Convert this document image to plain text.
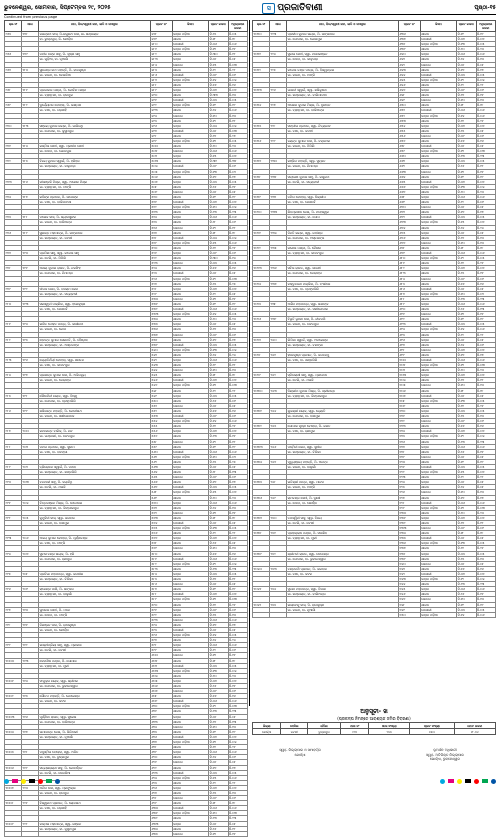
ଭୁବନେଶ୍ୱର, ସୋମବାର, ସିପ୍ଟେମ୍ବର ୨୯, ୨୦୨୫	ସ ପ୍ରଜାତିବାଣୀ	ପୃଷ୍ଠା-୧୫
Continued from previous page
କ୍ର.ସଂ	ଖାତା	ନାମ, ପିତା/ସ୍ୱାମୀ ନାମ, ଜାତି ଓ ବାସସ୍ଥାନ	ପ୍ଲଟ ନଂ	କିସମ	ପ୍ଲଟ ରକବା	ଅଧିଗ୍ରହଣ ରକବା
୯୬୫	୧୭୮	ଜଗନ୍ନାଥ ଦାସ, ପି-ରଘୁନାଥ ଦାସ, ଜା- ଖଣ୍ଡାୟତ	୪୭୮	ଦଣ୍ଡା ପଡ଼ିଆ	0.୨୫	0.୦୫
		ବା- ରୁଦ୍ରପୁର, ଜି- ଖୋର୍ଦ୍ଧା	୪୭୯	ଶାରଦ	0.୧୮	0.୧୮
			୪୮୦	ପୋଖରୀ	0.୦୬	0.୦୬
			୪୮୧	ଦଣ୍ଡା ପଡ଼ିଆ	0.୧୧	0.୧୧
୯୬୬	୧୭୯	ନବୀନ ଚନ୍ଦ୍ର ସାହୁ, ପି- କୃଷ୍ଣ ସାହୁ	୪୮୨	ଶାରଦ	0.୩୦	0.୧୨
		ଜା- ଗୁଡ଼ିଆ, ବା- ନୂଆଗାଁ	୪୮୩	ଦଣ୍ଡା	0.୦୮	0.୦୮
			୪୮୪	ଗୋଚର	0.୧୫	0.୦୩
୯୬୭	୧୮୦	ସୁରେନ୍ଦ୍ର ନାଥ ମହାନ୍ତି, ପି- ବାଳକୃଷ୍ଣ	୪୮୫	ଶାରଦ	0.୨୨	0.୨୨
		ଜା- କରଣ, ବା- ଦେଉଳିଆ	୪୮୬	ପୋଖରୀ	0.୦୯	0.୦୯
			୪୮୭	ଦଣ୍ଡା ପଡ଼ିଆ	0.୧୪	0.୦୪
			୪୮୮	ଶାରଦ	0.୧୬	0.୧୬
୯୬୮	୧୮୧	ପ୍ରଭାକର ପଣ୍ଡା, ପି- ଗୋବିନ୍ଦ ପଣ୍ଡା	୪୮୯	ଦଣ୍ଡା	0.୦୭	0.୦୭
		ଜା- ବ୍ରାହ୍ମଣ, ବା- ରାମପୁର	୪୯୦	ଶାରଦ	0.୩୩	0.୧୦
			୪୯୧	ପୋଖରୀ	0.୦୫	0.୦୫
୯୬୯	୧୮୨	ଦୁର୍ଯ୍ୟୋଧନ ବେହେରା, ପି- ଲକ୍ଷ୍ମଣ	୪୯୨	ଦଣ୍ଡା ପଡ଼ିଆ	0.୧୯	0.୧୯
		ଜା- ଚଷା, ବା- ଗଡ଼ସାହି	୪୯୩	ଶାରଦ	0.୨୪	0.୦୬
			୪୯୪	ଗୋଚର	0.୧୦	0.୧୦
			୪୯୫	ଶାରଦ	0.୧୨	0.୧୨
୯୭୦	୧୮୩	ସଞ୍ଜୟ କୁମାର ନାୟକ, ପି- ଭାଗିରଥି	୪୯୬	ଦଣ୍ଡା	0.୦୪	0.୦୪
		ଜା- ଗୋପାଳ, ବା- କୁସୁମପୁର	୪୯୭	ପୋଖରୀ	0.୦୮	0.୦୩
			୪୯୮	ଶାରଦ	0.୨୭	0.୨୭
			୪୯୯	ଦଣ୍ଡା ପଡ଼ିଆ	0.୧୧	0.୦୫
୯୭୧	୧୮୪	ରଶ୍ମିତା ସେଠୀ, ସ୍ୱା- ପ୍ରଦୀପ ସେଠୀ	୫୦୦	ଶାରଦ	0.୨୦	0.୨୦
		ଜା- ଧୋବା, ବା- ଭୋଗପୁର	୫୦୧	ଗୋଚର	0.୦୬	0.୦୬
			୫୦୨	ଦଣ୍ଡା	0.୧୫	0.୦୭
୯୭୨	୧୮୫	ବିଜୟ କୁମାର ସ୍ୱାଇଁ, ପି- ହରିହର	୫୦୩	ଶାରଦ	0.୩୧	0.୩୧
		ଜା- ଖଣ୍ଡାୟତ, ବା- କାଳୁପଡ଼ା	୫୦୪	ପୋଖରୀ	0.୦୯	0.୦୯
			୫୦୫	ଦଣ୍ଡା ପଡ଼ିଆ	0.୧୩	0.୦୨
			୫୦୬	ଶାରଦ	0.୧୭	0.୧୭
୯୭୩	୧୮୬	ଗୀତାଞ୍ଜଳି ମିଶ୍ର, ସ୍ୱା- ଅଶୋକ ମିଶ୍ର	୫୦୭	ଦଣ୍ଡା	0.୦୫	0.୦୫
		ଜା- ବ୍ରାହ୍ମଣ, ବା- ଟାଙ୍ଗି	୫୦୮	ଶାରଦ	0.୨୬	0.୧୧
			୫୦୯	ଗୋଚର	0.୦୮	0.୦୮
୯୭୪	୧୮୭	ରବିନ୍ଦ୍ର ପ୍ରଧାନ, ପି- ଉପେନ୍ଦ୍ର	୫୧୦	ଶାରଦ	0.୧୯	0.୧୯
		ଜା- ଚଷା, ବା- ବାଲିପାଟଣା	୫୧୧	ପୋଖରୀ	0.୦୭	0.୦୭
			୫୧୨	ଦଣ୍ଡା ପଡ଼ିଆ	0.୧୦	0.୦୪
			୫୧୩	ଶାରଦ	0.୨୩	0.୨୩
୯୭୫	୧୮୮	ମନୋଜ ଦାସ, ପି- ଶ୍ୟାମସୁନ୍ଦର	୫୧୪	ଦଣ୍ଡା	0.୦୬	0.୦୬
		ଜା- କରଣ, ବା- ବାଲିଅନ୍ତା	୫୧୫	ଶାରଦ	0.୨୮	0.୦୯
			୫୧୬	ଗୋଚର	0.୧୨	0.୧୨
୯୭୬	୧୮୯	ସୁଶାନ୍ତ ମହାପାତ୍ର, ପି- ଗଙ୍ଗାଧର	୫୧୭	ଶାରଦ	0.୧୮	0.୧୮
		ଜା- ଖଣ୍ଡାୟତ, ବା- ଜଟଣୀ	୫୧୮	ପୋଖରୀ	0.୦୪	0.୦୪
			୫୧୯	ଦଣ୍ଡା ପଡ଼ିଆ	0.୧୫	0.୦୬
			୫୨୦	ଶାରଦ	0.୨୧	0.୨୧
୯୭୭	୧୯୦	ପ୍ରମିଳା ସାହୁ, ସ୍ୱା- ରମେଶ ସାହୁ	୫୨୧	ଦଣ୍ଡା	0.୦୯	0.୦୯
		ଜା- ତେଲି, ବା- ପିପିଲି	୫୨୨	ଶାରଦ	0.୩୦	0.୧୪
			୫୨୩	ଗୋଚର	0.୦୫	0.୦୫
୯୭୮	୧୯୧	ଅକ୍ଷୟ କୁମାର ରାଉତ, ପି- ନରସିଂହ	୫୨୪	ଶାରଦ	0.୧୬	0.୧୬
		ଜା- ଗୋପାଳ, ବା- ନିମାପଡ଼ା	୫୨୫	ପୋଖରୀ	0.୦୮	0.୦୮
			୫୨୬	ଦଣ୍ଡା ପଡ଼ିଆ	0.୧୨	0.୦୩
			୫୨୭	ଶାରଦ	0.୨୫	0.୨୫
୯୭୯	୧୯୨	ଦୀପକ ଜେନା, ପି- ବଳରାମ ଜେନା	୫୨୮	ଦଣ୍ଡା	0.୦୭	0.୦୭
		ଜା- ଖଣ୍ଡାୟତ, ବା- ସତ୍ୟବାଦୀ	୫୨୯	ଶାରଦ	0.୨୨	0.୦୮
			୫୩୦	ଗୋଚର	0.୧୧	0.୧୧
୯୮୦	୧୯୩	ସରସ୍ୱତୀ ମଲ୍ଲିକ, ସ୍ୱା- ହରେକୃଷ୍ଣ	୫୩୧	ଶାରଦ	0.୧୯	0.୧୯
		ଜା- ଚଷା, ବା- କୋଣାର୍କ	୫୩୨	ପୋଖରୀ	0.୦୬	0.୦୬
			୫୩୩	ଦଣ୍ଡା ପଡ଼ିଆ	0.୧୪	0.୦୫
			୫୩୪	ଶାରଦ	0.୨୦	0.୨୦
୯୮୧	୧୯୪	ଲଳିତ ମୋହନ ପାତ୍ର, ପି- କାଶୀନାଥ	୫୩୫	ଦଣ୍ଡା	0.୦୮	0.୦୮
		ଜା- କରଣ, ବା- ଗୋପ	୫୩୬	ଶାରଦ	0.୨୭	0.୧୦
			୫୩୭	ଗୋଚର	0.୦୯	0.୦୯
୯୮୨	୧୯୫	ହେମନ୍ତ କୁମାର ସେନାପତି, ପି- ବୈଷ୍ଣବ	୫୩୮	ଶାରଦ	0.୧୭	0.୧୭
		ଜା- ଖଣ୍ଡାୟତ, ବା- ଅସ୍ତରଙ୍ଗ	୫୩୯	ପୋଖରୀ	0.୦୫	0.୦୫
			୫୪୦	ଦଣ୍ଡା ପଡ଼ିଆ	0.୧୩	0.୦୪
			୫୪୧	ଶାରଦ	0.୨୪	0.୨୪
୯୮୩	୧୯୬	ଜ୍ୟୋତିର୍ମୟୀ ବେହେରା, ସ୍ୱା- ସନାତନ	୫୪୨	ଦଣ୍ଡା	0.୦୬	0.୦୬
		ଜା- ଚଷା, ବା- କାକଟପୁର	୫୪୩	ଶାରଦ	0.୨୯	0.୧୨
			୫୪୪	ଗୋଚର	0.୧୦	0.୧୦
୯୮୪	୧୯୭	ପ୍ରଶାନ୍ତ କୁମାର ଦାସ, ପି- ଅଭିମନ୍ୟୁ	୫୪୫	ଶାରଦ	0.୧୮	0.୧୮
		ଜା- କରଣ, ବା- ଡେଲାଙ୍ଗ	୫୪୬	ପୋଖରୀ	0.୦୭	0.୦୭
			୫୪୭	ଦଣ୍ଡା ପଡ଼ିଆ	0.୧୧	0.୦୩
			୫୪୮	ଶାରଦ	0.୨୨	0.୨୨
୯୮୫	୧୯୮	ସୌଦାମିନୀ ନାୟକ, ସ୍ୱା- ବିଷ୍ଣୁ	୫୪୯	ଦଣ୍ଡା	0.୦୫	0.୦୫
		ଜା- ଗୋପାଳ, ବା- ବ୍ରହ୍ମଗିରି	୫୫୦	ଶାରଦ	0.୨୬	0.୦୯
			୫୫୧	ଗୋଚର	0.୦୮	0.୦୮
୯୮୬	୧୯୯	ଶଶିକାନ୍ତ ମହାନ୍ତି, ପି- ଗୋପୀନାଥ	୫୫୨	ଶାରଦ	0.୧୬	0.୧୬
		ଜା- କରଣ, ବା- ସଖୀଗୋପାଳ	୫୫୩	ପୋଖରୀ	0.୦୯	0.୦୯
			୫୫୪	ଦଣ୍ଡା ପଡ଼ିଆ	0.୧୪	0.୦୬
			୫୫୫	ଶାରଦ	0.୨୧	0.୨୧
୯୮୭	୨୦୦	ରମାକାନ୍ତ ବାରିକ, ପି- ନନ୍ଦ	୫୫୬	ଦଣ୍ଡା	0.୦୭	0.୦୭
		ଜା- ଭଣ୍ଡାରୀ, ବା- ଚନ୍ଦନପୁର	୫୫୭	ଶାରଦ	0.୨୩	0.୧୧
			୫୫୮	ଗୋଚର	0.୧୨	0.୧୨
୯୮୮	୨୦୧	ମମତା ପ୍ରଧାନ, ସ୍ୱା- ସୁଦାମ	୫୫୯	ଶାରଦ	0.୧୯	0.୧୯
		ଜା- ଚଷା, ବା- ବଳଙ୍ଗା	୫୬୦	ପୋଖରୀ	0.୦୬	0.୦୬
			୫୬୧	ଦଣ୍ଡା ପଡ଼ିଆ	0.୧୦	0.୦୨
			୫୬୨	ଶାରଦ	0.୨୫	0.୨୫
୯୮୯	୨୦୨	ତ୍ରିଲୋଚନ ସ୍ୱାଇଁ, ପି- ମାଧବ	୫୬୩	ଦଣ୍ଡା	0.୦୮	0.୦୮
		ଜା- ଖଣ୍ଡାୟତ, ବା- ଖଣ୍ଡଗିରି	୫୬୪	ଶାରଦ	0.୨୮	0.୧୩
			୫୬୫	ଗୋଚର	0.୦୯	0.୦୯
୯୯୦	୨୦୩	ବନମାଳୀ ସାହୁ, ପି- ଦୟାନିଧି	୫୬୬	ଶାରଦ	0.୧୭	0.୧୭
		ଜା- ତେଲି, ବା- ଧଉଳି	୫୬୭	ପୋଖରୀ	0.୦୫	0.୦୫
			୫୬୮	ଦଣ୍ଡା ପଡ଼ିଆ	0.୧୫	0.୦୭
			୫୬୯	ଶାରଦ	0.୨୦	0.୨୦
୯୯୧	୨୦୪	ଚିତ୍ତରଞ୍ଜନ ମିଶ୍ର, ପି- ଦାମୋଦର	୫୭୦	ଦଣ୍ଡା	0.୦୬	0.୦୬
		ଜା- ବ୍ରାହ୍ମଣ, ବା- ଭିଙ୍ଗାରପୁର	୫୭୧	ଶାରଦ	0.୨୪	0.୧୦
			୫୭୨	ଗୋଚର	0.୧୧	0.୧୧
୯୯୨	୨୦୫	କୁମୁଦିନୀ ଦାସ, ସ୍ୱା- ଭଗବାନ	୫୭୩	ଶାରଦ	0.୧୮	0.୧୮
		ଜା- କରଣ, ବା- ବାଣପୁର	୫୭୪	ପୋଖରୀ	0.୦୮	0.୦୮
			୫୭୫	ଦଣ୍ଡା ପଡ଼ିଆ	0.୧୩	0.୦୫
			୫୭୬	ଶାରଦ	0.୨୨	0.୨୨
୯୯୩	୨୦୬	ଅଜୟ କୁମାର ବେହେରା, ପି- ପୂର୍ଣ୍ଣଚନ୍ଦ୍ର	୫୭୭	ଦଣ୍ଡା	0.୦୭	0.୦୭
		ଜା- ଚଷା, ବା- ଟାଙ୍ଗି	୫୭୮	ଶାରଦ	0.୨୬	0.୦୮
			୫୭୯	ଗୋଚର	0.୧୦	0.୧୦
୯୯୪	୨୦୭	ସୁବାସ ଚନ୍ଦ୍ର ନାୟକ, ପି- ହରି	୫୮୦	ଶାରଦ	0.୧୬	0.୧୬
		ଜା- ଗୋପାଳ, ବା- ରାଣପୁର	୫୮୧	ପୋଖରୀ	0.୦୬	0.୦୬
			୫୮୨	ଦଣ୍ଡା ପଡ଼ିଆ	0.୧୨	0.୦୪
			୫୮୩	ଶାରଦ	0.୨୩	0.୨୩
୯୯୫	୨୦୮	ପ୍ରତିଭା ମହାପାତ୍ର, ସ୍ୱା- ଜଗଦୀଶ	୫୮୪	ଦଣ୍ଡା	0.୦୫	0.୦୫
		ଜା- ଖଣ୍ଡାୟତ, ବା- ଚିଲିକା	୫୮୫	ଶାରଦ	0.୨୭	0.୧୨
			୫୮୬	ଗୋଚର	0.୦୮	0.୦୮
୯୯୬	୨୦୯	ରାଜେନ୍ଦ୍ର ପାଣି, ପି- ଶଙ୍କର	୫୮୭	ଶାରଦ	0.୧୯	0.୧୯
		ଜା- ବ୍ରାହ୍ମଣ, ବା- ବାଲୁଗାଁ	୫୮୮	ପୋଖରୀ	0.୦୭	0.୦୭
			୫୮୯	ଦଣ୍ଡା ପଡ଼ିଆ	0.୧୧	0.୦୩
			୫୯୦	ଶାରଦ	0.୨୧	0.୨୧
୯୯୭	୨୧୦	ସୁଧାକର ସେଠୀ, ପି- ମଦନ	୫୯୧	ଦଣ୍ଡା	0.୦୯	0.୦୯
		ଜା- ଧୋବା, ବା- ଟାଙ୍ଗି	୫୯୨	ଶାରଦ	0.୨୫	0.୧୦
			୫୯୩	ଗୋଚର	0.୦୬	0.୦୬
୯୯୮	୨୧୧	ନିରଞ୍ଜନ ଦାସ, ପି- ରାଧାକୃଷ୍ଣ	୫୯୪	ଶାରଦ	0.୧୭	0.୧୭
		ଜା- କରଣ, ବା- ଖୋର୍ଦ୍ଧା	୫୯୫	ପୋଖରୀ	0.୦୮	0.୦୮
			୫୯୬	ଦଣ୍ଡା ପଡ଼ିଆ	0.୧୪	0.୦୫
			୫୯୭	ଶାରଦ	0.୨୪	0.୨୪
୯୯୯	୨୧୨	ଲକ୍ଷ୍ମୀପ୍ରିୟା ସାହୁ, ସ୍ୱା- ପ୍ରକାଶ	୫୯୮	ଦଣ୍ଡା	0.୦୬	0.୦୬
		ଜା- ତେଲି, ବା- ଜଟଣୀ	୫୯୯	ଶାରଦ	0.୨୨	0.୦୯
			୬୦୦	ଗୋଚର	0.୧୧	0.୧୧
୧୦୦୦	୨୧୩	ଦେବାଶିଷ ପଣ୍ଡା, ପି- ଗୋପାଳ	୬୦୧	ଶାରଦ	0.୧୮	0.୧୮
		ଜା- ବ୍ରାହ୍ମଣ, ବା- ପୁରୀ	୬୦୨	ପୋଖରୀ	0.୦୫	0.୦୫
			୬୦୩	ଦଣ୍ଡା ପଡ଼ିଆ	0.୧୩	0.୦୪
			୬୦୪	ଶାରଦ	0.୨୦	0.୨୦
୧୦୦୧	୨୧୪	ସଂଯୁକ୍ତା ନାୟକ, ସ୍ୱା- ଶ୍ରୀଧର	୬୦୫	ଦଣ୍ଡା	0.୦୭	0.୦୭
		ଜା- ଗୋପାଳ, ବା- ଭୁବନେଶ୍ୱର	୬୦୬	ଶାରଦ	0.୨୬	0.୧୧
			୬୦୭	ଗୋଚର	0.୦୯	0.୦୯
୧୦୦୨	୨୧୫	ଗୌତମ ମହାନ୍ତି, ପି- ଯୋଗେନ୍ଦ୍ର	୬୦୮	ଶାରଦ	0.୧୬	0.୧୬
		ଜା- କରଣ, ବା- କଟକ	୬୦୯	ପୋଖରୀ	0.୦୬	0.୦୬
			୬୧୦	ଦଣ୍ଡା ପଡ଼ିଆ	0.୧୨	0.୦୩
			୬୧୧	ଶାରଦ	0.୨୩	0.୨୩
୧୦୦୩	୨୧୬	ପୂର୍ଣ୍ଣିମା ରାଉତ, ସ୍ୱା- ସୁରେଶ	୬୧୨	ଦଣ୍ଡା	0.୦୮	0.୦୮
		ଜା- ଗୋପାଳ, ବା- ବାଲିଅନ୍ତା	୬୧୩	ଶାରଦ	0.୨୭	0.୧୩
			୬୧୪	ଗୋଚର	0.୧୦	0.୧୦
୧୦୦୪	୨୧୭	ଉମାକାନ୍ତ ଜେନା, ପି- ଗିରିଧାରୀ	୬୧୫	ଶାରଦ	0.୧୯	0.୧୯
		ଜା- ଖଣ୍ଡାୟତ, ବା- ନୂଆଗାଁ	୬୧୬	ପୋଖରୀ	0.୦୭	0.୦୭
			୬୧୭	ଦଣ୍ଡା ପଡ଼ିଆ	0.୧୧	0.୦୪
			୬୧୮	ଶାରଦ	0.୨୧	0.୨୧
୧୦୦୫	୨୧୮	ମଧୁସ୍ମିତା ବେହେରା, ସ୍ୱା- ଅଜିତ	୬୧୯	ଦଣ୍ଡା	0.୦୬	0.୦୬
		ଜା- ଚଷା, ବା- ରୁଦ୍ରପୁର	୬୨୦	ଶାରଦ	0.୨୪	0.୦୯
			୬୨୧	ଗୋଚର	0.୦୮	0.୦୮
୧୦୦୬	୨୧୯	ସତ୍ୟନାରାୟଣ ସାହୁ, ପି- ଗୋବର୍ଦ୍ଧନ	୬୨୨	ଶାରଦ	0.୧୭	0.୧୭
		ଜା- ତେଲି, ବା- ଦେଉଳିଆ	୬୨୩	ପୋଖରୀ	0.୦୫	0.୦୫
			୬୨୪	ଦଣ୍ଡା ପଡ଼ିଆ	0.୧୫	0.୦୬
			୬୨୫	ଶାରଦ	0.୨୨	0.୨୨
୧୦୦୭	୨୨୦	ଅନିତା ଦାସ, ସ୍ୱା- ପ୍ରଫୁଲ୍ଲ	୬୨୬	ଦଣ୍ଡା	0.୦୭	0.୦୭
		ଜା- କରଣ, ବା- ରାମପୁର	୬୨୭	ଶାରଦ	0.୨୫	0.୧୦
			୬୨୮	ଗୋଚର	0.୦୯	0.୦୯
୧୦୦୮	୨୨୧	ବିଶ୍ୱନାଥ ପ୍ରଧାନ, ପି- ଲୋକନାଥ	୬୨୯	ଶାରଦ	0.୧୮	0.୧୮
		ଜା- ଚଷା, ବା- ଗଡ଼ସାହି	୬୩୦	ପୋଖରୀ	0.୦୬	0.୦୬
			୬୩୧	ଦଣ୍ଡା ପଡ଼ିଆ	0.୧୦	0.୦୩
			୬୩୨	ଶାରଦ	0.୨୩	0.୨୩
୧୦୦୯	୨୨୨	କଳ୍ପନା ମହାପାତ୍ର, ସ୍ୱା- ରଞ୍ଜନ	୬୩୩	ଦଣ୍ଡା	0.୦୮	0.୦୮
		ଜା- ଖଣ୍ଡାୟତ, ବା- କୁସୁମପୁର	୬୩୪	ଶାରଦ	0.୨୬	0.୧୨
			୬୩୫	ଗୋଚର	0.୧୧	0.୧୧
କ୍ର.ସଂ	ଖାତା	ନାମ, ପିତା/ସ୍ୱାମୀ ନାମ, ଜାତି ଓ ବାସସ୍ଥାନ	ପ୍ଲଟ ନଂ	କିସମ	ପ୍ଲଟ ରକବା	ଅଧିଗ୍ରହଣ ରକବା
୧୦୧୦	୨୨୩	ପ୍ରଦୀପ କୁମାର ନାୟକ, ପି- ଗଙ୍ଗାଧର	୬୩୬	ଶାରଦ	0.୧୯	0.୧୯
		ଜା- ଗୋପାଳ, ବା- ଭୋଗପୁର	୬୩୭	ପୋଖରୀ	0.୦୭	0.୦୭
			୬୩୮	ଦଣ୍ଡା ପଡ଼ିଆ	0.୧୩	0.୦୫
			୬୩୯	ଶାରଦ	0.୨୦	0.୨୦
୧୦୧୧	୨୨୪	ସୁଜାତା ସେଠୀ, ସ୍ୱା- ମନୋରଞ୍ଜନ	୬୪୦	ଦଣ୍ଡା	0.୦୬	0.୦୬
		ଜା- ଧୋବା, ବା- କାଳୁପଡ଼ା	୬୪୧	ଶାରଦ	0.୨୪	0.୧୦
			୬୪୨	ଗୋଚର	0.୦୮	0.୦୮
୧୦୧୨	୨୨୫	ରମେଶ ଚନ୍ଦ୍ର ପାତ୍ର, ପି- ବିଶ୍ୱମ୍ଭର	୬୪୩	ଶାରଦ	0.୧୭	0.୧୭
		ଜା- କରଣ, ବା- ଟାଙ୍ଗି	୬୪୪	ପୋଖରୀ	0.୦୫	0.୦୫
			୬୪୫	ଦଣ୍ଡା ପଡ଼ିଆ	0.୧୨	0.୦୪
			୬୪୬	ଶାରଦ	0.୨୨	0.୨୨
୧୦୧୩	୨୨୬	ଭାରତୀ ସ୍ୱାଇଁ, ସ୍ୱା- ଶଶିଭୂଷଣ	୬୪୭	ଦଣ୍ଡା	0.୦୯	0.୦୯
		ଜା- ଖଣ୍ଡାୟତ, ବା- ବାଲିପାଟଣା	୬୪୮	ଶାରଦ	0.୨୭	0.୧୧
			୬୪୯	ଗୋଚର	0.୧୦	0.୧୦
୧୦୧୪	୨୨୭	ଅଶୋକ କୁମାର ମିଶ୍ର, ପି- ବୃନ୍ଦାବନ	୬୫୦	ଶାରଦ	0.୧୮	0.୧୮
		ଜା- ବ୍ରାହ୍ମଣ, ବା- ବାଲିଅନ୍ତା	୬୫୧	ପୋଖରୀ	0.୦୬	0.୦୬
			୬୫୨	ଦଣ୍ଡା ପଡ଼ିଆ	0.୧୪	0.୦୬
			୬୫୩	ଶାରଦ	0.୨୧	0.୨୧
୧୦୧୫	୨୨୮	ସଙ୍ଗୀତା ପ୍ରଧାନ, ସ୍ୱା- ନିତ୍ୟାନନ୍ଦ	୬୫୪	ଦଣ୍ଡା	0.୦୭	0.୦୭
		ଜା- ଚଷା, ବା- ଜଟଣୀ	୬୫୫	ଶାରଦ	0.୨୫	0.୦୮
			୬୫୬	ଗୋଚର	0.୦୯	0.୦୯
୧୦୧୬	୨୨୯	ଜୟନ୍ତ କୁମାର ଦାସ, ପି- ଚକ୍ରଧର	୬୫୭	ଶାରଦ	0.୧୬	0.୧୬
		ଜା- କରଣ, ବା- ପିପିଲି	୬୫୮	ପୋଖରୀ	0.୦୮	0.୦୮
			୬୫୯	ଦଣ୍ଡା ପଡ଼ିଆ	0.୧୧	0.୦୩
			୬୬୦	ଶାରଦ	0.୨୩	0.୨୩
୧୦୧୭	୨୩୦	ରଞ୍ଜିତା ମହାନ୍ତି, ସ୍ୱା- ସୁବ୍ରତ	୬୬୧	ଦଣ୍ଡା	0.୦୫	0.୦୫
		ଜା- କରଣ, ବା- ନିମାପଡ଼ା	୬୬୨	ଶାରଦ	0.୨୬	0.୧୨
			୬୬୩	ଗୋଚର	0.୧୧	0.୧୧
୧୦୧୮	୨୩୧	ସନ୍ତୋଷ କୁମାର ସାହୁ, ପି- ରଘୁନାଥ	୬୬୪	ଶାରଦ	0.୧୯	0.୧୯
		ଜା- ତେଲି, ବା- ସତ୍ୟବାଦୀ	୬୬୫	ପୋଖରୀ	0.୦୭	0.୦୭
			୬୬୬	ଦଣ୍ଡା ପଡ଼ିଆ	0.୧୩	0.୦୪
			୬୬୭	ଶାରଦ	0.୨୦	0.୨୦
୧୦୧୯	୨୩୨	ନମିତା ବେହେରା, ସ୍ୱା- ଦିଲ୍ଲୀପ	୬୬୮	ଦଣ୍ଡା	0.୦୬	0.୦୬
		ଜା- ଚଷା, ବା- କୋଣାର୍କ	୬୬୯	ଶାରଦ	0.୨୨	0.୦୯
			୬୭୦	ଗୋଚର	0.୦୮	0.୦୮
୧୦୨୦	୨୩୩	ଶିବପ୍ରସାଦ ଜେନା, ପି- ମହେଶ୍ୱର	୬୭୧	ଶାରଦ	0.୧୭	0.୧୭
		ଜା- ଖଣ୍ଡାୟତ, ବା- ଗୋପ	୬୭୨	ପୋଖରୀ	0.୦୫	0.୦୫
			୬୭୩	ଦଣ୍ଡା ପଡ଼ିଆ	0.୧୫	0.୦୭
			୬୭୪	ଶାରଦ	0.୨୪	0.୨୪
୧୦୨୧	୨୩୪	ମିନତି ନାୟକ, ସ୍ୱା- ରବୀନ୍ଦ୍ର	୬୭୫	ଦଣ୍ଡା	0.୦୮	0.୦୮
		ଜା- ଗୋପାଳ, ବା- ଅସ୍ତରଙ୍ଗ	୬୭୬	ଶାରଦ	0.୨୭	0.୧୦
			୬୭୭	ଗୋଚର	0.୧୦	0.୧୦
୧୦୨୨	୨୩୫	ଗଣେଶ ପଣ୍ଡା, ପି- କୈଳାସ	୬୭୮	ଶାରଦ	0.୧୮	0.୧୮
		ଜା- ବ୍ରାହ୍ମଣ, ବା- କାକଟପୁର	୬୭୯	ପୋଖରୀ	0.୦୬	0.୦୬
			୬୮୦	ଦଣ୍ଡା ପଡ଼ିଆ	0.୧୨	0.୦୫
			୬୮୧	ଶାରଦ	0.୨୧	0.୨୧
୧୦୨୩	୨୩୬	ସବିତା ରାଉତ, ସ୍ୱା- କାଳନ୍ଦୀ	୬୮୨	ଦଣ୍ଡା	0.୦୭	0.୦୭
		ଜା- ଗୋପାଳ, ବା- ଡେଲାଙ୍ଗ	୬୮୩	ଶାରଦ	0.୨୫	0.୧୧
			୬୮୪	ଗୋଚର	0.୦୯	0.୦୯
୧୦୨୪	୨୩୭	କାହ୍ନୁଚରଣ ମଲ୍ଲିକ, ପି- ବଂଶୀଧର	୬୮୫	ଶାରଦ	0.୧୬	0.୧୬
		ଜା- ଚଷା, ବା- ବ୍ରହ୍ମଗିରି	୬୮୬	ପୋଖରୀ	0.୦୮	0.୦୮
			୬୮୭	ଦଣ୍ଡା ପଡ଼ିଆ	0.୧୦	0.୦୨
			୬୮୮	ଶାରଦ	0.୨୩	0.୨୩
୧୦୨୫	୨୩୮	ଅର୍ଚ୍ଚନା ମହାପାତ୍ର, ସ୍ୱା- ଶଶାଙ୍କ	୬୮୯	ଦଣ୍ଡା	0.୦୬	0.୦୬
		ଜା- ଖଣ୍ଡାୟତ, ବା- ସଖୀଗୋପାଳ	୬୯୦	ଶାରଦ	0.୨୬	0.୧୩
			୬୯୧	ଗୋଚର	0.୧୧	0.୧୧
୧୦୨୬	୨୩୯	ବିଭୂତି ଭୂଷଣ ଦାସ, ପି- ନୀଳମଣି	୬୯୨	ଶାରଦ	0.୧୯	0.୧୯
		ଜା- କରଣ, ବା- ଚନ୍ଦନପୁର	୬୯୩	ପୋଖରୀ	0.୦୫	0.୦୫
			୬୯୪	ଦଣ୍ଡା ପଡ଼ିଆ	0.୧୪	0.୦୬
			୬୯୫	ଶାରଦ	0.୨୨	0.୨୨
୧୦୨୭	୨୪୦	ଲିପିକା ସ୍ୱାଇଁ, ସ୍ୱା- ଅମରେନ୍ଦ୍ର	୬୯୬	ଦଣ୍ଡା	0.୦୮	0.୦୮
		ଜା- ଖଣ୍ଡାୟତ, ବା- ବଳଙ୍ଗା	୬୯୭	ଶାରଦ	0.୨୪	0.୦୯
			୬୯୮	ଗୋଚର	0.୦୭	0.୦୭
୧୦୨୮	୨୪୧	ହରେକୃଷ୍ଣ ପ୍ରଧାନ, ପି- ଜଗବନ୍ଧୁ	୬୯୯	ଶାରଦ	0.୧୭	0.୧୭
		ଜା- ଚଷା, ବା- ଖଣ୍ଡଗିରି	୭୦୦	ପୋଖରୀ	0.୦୬	0.୦୬
			୭୦୧	ଦଣ୍ଡା ପଡ଼ିଆ	0.୧୧	0.୦୩
			୭୦୨	ଶାରଦ	0.୨୦	0.୨୦
୧୦୨୯	୨୪୨	ସ୍ମିତାରାଣୀ ସାହୁ, ସ୍ୱା- ପ୍ରମୋଦ	୭୦୩	ଦଣ୍ଡା	0.୦୭	0.୦୭
		ଜା- ତେଲି, ବା- ଧଉଳି	୭୦୪	ଶାରଦ	0.୨୭	0.୧୨
			୭୦୫	ଗୋଚର	0.୧୦	0.୧୦
୧୦୩୦	୨୪୩	ଦିଲ୍ଲୀପ କୁମାର ମିଶ୍ର, ପି- ଶ୍ରୀକାନ୍ତ	୭୦୬	ଶାରଦ	0.୧୮	0.୧୮
		ଜା- ବ୍ରାହ୍ମଣ, ବା- ଭିଙ୍ଗାରପୁର	୭୦୭	ପୋଖରୀ	0.୦୮	0.୦୮
			୭୦୮	ଦଣ୍ଡା ପଡ଼ିଆ	0.୧୩	0.୦୫
			୭୦୯	ଶାରଦ	0.୨୧	0.୨୧
୧୦୩୧	୨୪୪	ଶୁଭଶ୍ରୀ ନାୟକ, ସ୍ୱା- ଜ୍ୟୋତି	୭୧୦	ଦଣ୍ଡା	0.୦୫	0.୦୫
		ଜା- ଗୋପାଳ, ବା- ବାଣପୁର	୭୧୧	ଶାରଦ	0.୨୫	0.୧୦
			୭୧୨	ଗୋଚର	0.୦୯	0.୦୯
୧୦୩୨	୨୪୫	ଗୋପାଳ କୃଷ୍ଣ ବେହେରା, ପି- ଭରତ	୭୧୩	ଶାରଦ	0.୧୬	0.୧୬
		ଜା- ଚଷା, ବା- ରାଣପୁର	୭୧୪	ପୋଖରୀ	0.୦୭	0.୦୭
			୭୧୫	ଦଣ୍ଡା ପଡ଼ିଆ	0.୧୨	0.୦୪
			୭୧୬	ଶାରଦ	0.୨୩	0.୨୩
୧୦୩୩	୨୪୬	ପଦ୍ମିନୀ ଜେନା, ସ୍ୱା- ସୁଧୀର	୭୧୭	ଦଣ୍ଡା	0.୦୬	0.୦୬
		ଜା- ଖଣ୍ଡାୟତ, ବା- ଚିଲିକା	୭୧୮	ଶାରଦ	0.୨୬	0.୧୧
			୭୧୯	ଗୋଚର	0.୦୮	0.୦୮
୧୦୩୪	୨୪୭	ମୃତ୍ୟୁଞ୍ଜୟ ମହାନ୍ତି, ପି- ଅନନ୍ତ	୭୨୦	ଶାରଦ	0.୧୯	0.୧୯
		ଜା- କରଣ, ବା- ବାଲୁଗାଁ	୭୨୧	ପୋଖରୀ	0.୦୫	0.୦୫
			୭୨୨	ଦଣ୍ଡା ପଡ଼ିଆ	0.୧୫	0.୦୭
			୭୨୩	ଶାରଦ	0.୨୨	0.୨୨
୧୦୩୫	୨୪୮	ଇତିଶ୍ରୀ ପାତ୍ର, ସ୍ୱା- ମାନସ	୭୨୪	ଦଣ୍ଡା	0.୦୮	0.୦୮
		ଜା- କରଣ, ବା- ଟାଙ୍ଗି	୭୨୫	ଶାରଦ	0.୨୪	0.୦୮
			୭୨୬	ଗୋଚର	0.୧୦	0.୧୦
୧୦୩୬	୨୪୯	ରାମଚନ୍ଦ୍ର ସେଠୀ, ପି- ଦୁଃଖୀ	୭୨୭	ଶାରଦ	0.୧୭	0.୧୭
		ଜା- ଧୋବା, ବା- ଖୋର୍ଦ୍ଧା	୭୨୮	ପୋଖରୀ	0.୦୬	0.୦୬
			୭୨୯	ଦଣ୍ଡା ପଡ଼ିଆ	0.୧୧	0.୦୩
			୭୩୦	ଶାରଦ	0.୨୦	0.୨୦
୧୦୩୭	୨୫୦	ତପସ୍ୱିନୀ ସାହୁ, ସ୍ୱା- ବିଜୟ	୭୩୧	ଦଣ୍ଡା	0.୦୭	0.୦୭
		ଜା- ତେଲି, ବା- ଜଟଣୀ	୭୩୨	ଶାରଦ	0.୨୭	0.୧୨
			୭୩୩	ଗୋଚର	0.୦୯	0.୦୯
୧୦୩୮	୨୫୧	ପ୍ରହଲ୍ଲାଦ ପଣ୍ଡା, ପି- ସଦାଶିବ	୭୩୪	ଶାରଦ	0.୧୮	0.୧୮
		ଜା- ବ୍ରାହ୍ମଣ, ବା- ପୁରୀ	୭୩୫	ପୋଖରୀ	0.୦୮	0.୦୮
			୭୩୬	ଦଣ୍ଡା ପଡ଼ିଆ	0.୧୩	0.୦୫
			୭୩୭	ଶାରଦ	0.୨୧	0.୨୧
୧୦୩୯	୨୫୨	ଶ୍ରୀମତୀ ରାଉତ, ସ୍ୱା- ଦେବେନ୍ଦ୍ର	୭୩୮	ଦଣ୍ଡା	0.୦୫	0.୦୫
		ଜା- ଗୋପାଳ, ବା- ଭୁବନେଶ୍ୱର	୭୩୯	ଶାରଦ	0.୨୫	0.୧୦
			୭୪୦	ଗୋଚର	0.୦୮	0.୦୮
୧୦୪୦	୨୫୩	ଚନ୍ଦ୍ରମଣି ପ୍ରଧାନ, ପି- ଭଗବାନ	୭୪୧	ଶାରଦ	0.୧୬	0.୧୬
		ଜା- ଚଷା, ବା- କଟକ	୭୪୨	ପୋଖରୀ	0.୦୭	0.୦୭
			୭୪୩	ଦଣ୍ଡା ପଡ଼ିଆ	0.୧୨	0.୦୪
			୭୪୪	ଶାରଦ	0.୨୩	0.୨୩
୧୦୪୧	୨୫୪	ସୁନନ୍ଦା ମହାପାତ୍ର, ସ୍ୱା- ବିକାଶ	୭୪୫	ଦଣ୍ଡା	0.୦୬	0.୦୬
		ଜା- ଖଣ୍ଡାୟତ, ବା- ବାଲିଅନ୍ତା	୭୪୬	ଶାରଦ	0.୨୬	0.୧୧
			୭୪୭	ଗୋଚର	0.୧୦	0.୧୦
୧୦୪୨	୨୫୫	ଲଲାଟେନ୍ଦୁ ଦାସ, ପି- ରାମକୃଷ୍ଣ	୭୪୮	ଶାରଦ	0.୧୯	0.୧୯
		ଜା- କରଣ, ବା- ନୂଆଗାଁ	୭୪୯	ପୋଖରୀ	0.୦୫	0.୦୫
			୭୫୦	ଦଣ୍ଡା ପଡ଼ିଆ	0.୧୪	0.୦୬
ଅନୁସୂଚୀ- ଖ
(ପ୍ରକଳ୍ପ ନିମନ୍ତେ ଆବଶ୍ୟକ ଜମିର ବିବରଣୀ)
ଜିଲ୍ଲା	ତହସିଲ	ମୌଜା	ଥାନା ନଂ	ଖାତା ସଂଖ୍ୟା	ପ୍ଲଟ ସଂଖ୍ୟା	ମୋଟ ରକବା
ଖୋର୍ଦ୍ଧା	ଜଟଣୀ	ରୁଦ୍ରପୁର	୧୨୭	୨୫୫	୭୫୦	୧୮.୪୬
ସ୍ୱା/- ଜିଲ୍ଲାପାଳ ଓ ସମାହର୍ତ୍ତା
ଖୋର୍ଦ୍ଧା
ଭୂଅର୍ଜନ ଅଧିକାରୀ
ସ୍ୱା/- ଅତିରିକ୍ତ ଜିଲ୍ଲାପାଳ
ଖୋର୍ଦ୍ଧା, ଭୁବନେଶ୍ୱର
